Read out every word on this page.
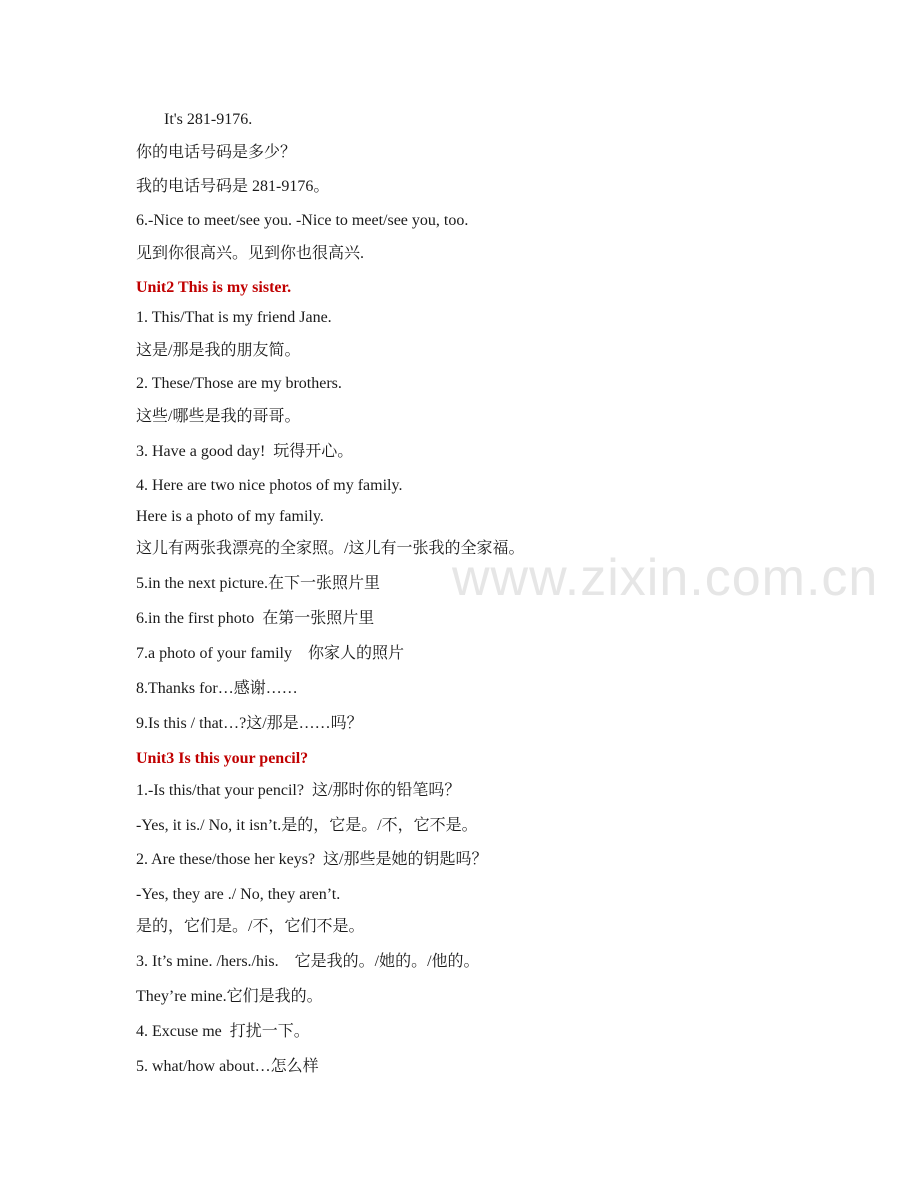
www.zixin.com.cn
It's 281-9176.
你的电话号码是多少？
我的电话号码是 281-9176。
6.-Nice to meet/see you. -Nice to meet/see you, too.
见到你很高兴。见到你也很高兴.
Unit2 This is my sister.
1. This/That is my friend Jane.
这是/那是我的朋友简。
2. These/Those are my brothers.
这些/哪些是我的哥哥。
3. Have a good day!  玩得开心。
4. Here are two nice photos of my family.
Here is a photo of my family.
这儿有两张我漂亮的全家照。/这儿有一张我的全家福。
5.in the next picture.在下一张照片里
6.in the first photo  在第一张照片里
7.a photo of your family    你家人的照片
8.Thanks for…感谢……
9.Is this / that…?这/那是……吗？
Unit3 Is this your pencil?
1.-Is this/that your pencil?  这/那时你的铅笔吗？
-Yes, it is./ No, it isn’t.是的，它是。/不，它不是。
2. Are these/those her keys?  这/那些是她的钥匙吗？
-Yes, they are ./ No, they aren’t.
是的，它们是。/不，它们不是。
3. It’s mine. /hers./his.    它是我的。/她的。/他的。
They’re mine.它们是我的。
4. Excuse me  打扰一下。
5. what/how about…怎么样
